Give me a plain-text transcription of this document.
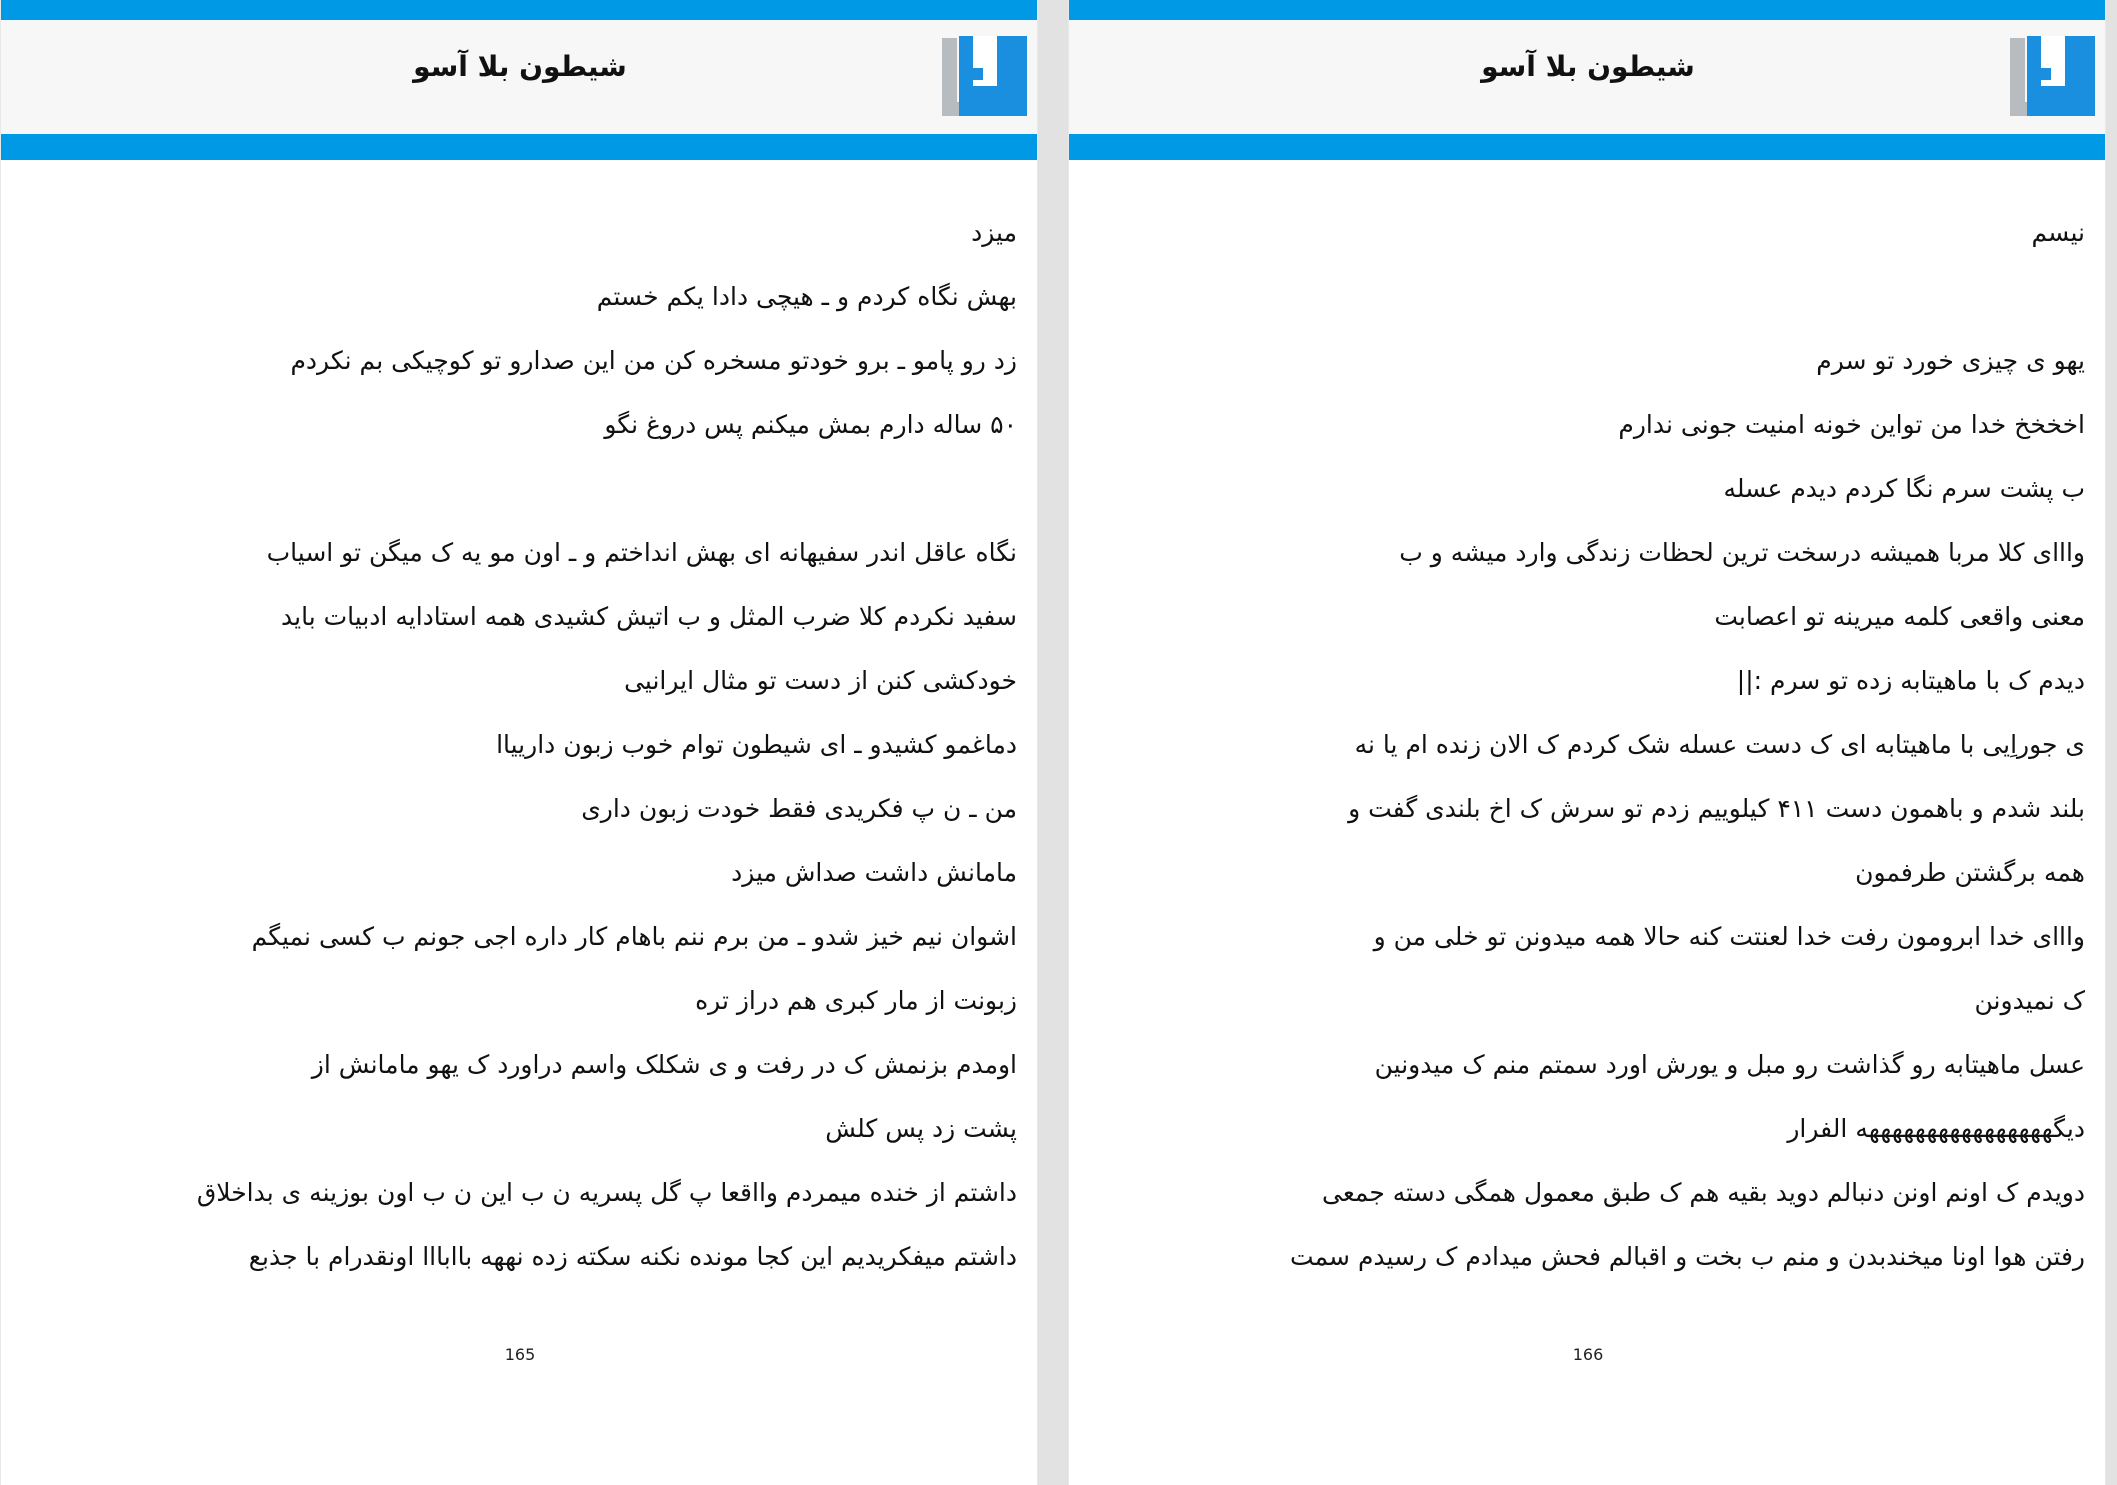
شیطون بلا آسو
میزد
بهش نگاه کردم و ـ هیچی دادا یکم خستم
زد رو پامو ـ برو خودتو مسخره کن من این صدارو تو کوچیکی بم نکردم
۵۰ ساله دارم بمش میکنم پس دروغ نگو
نگاه عاقل اندر سفیهانه ای بهش انداختم و ـ اون مو یه ک میگن تو اسیاب
سفید نکردم کلا ضرب المثل و ب اتیش کشیدی همه استادایه ادبیات باید
خودکشی کنن از دست تو مثال ایرانیی
دماغمو کشیدو ـ ای شیطون توام خوب زبون دارییاا
من ـ ن پ فکریدی فقط خودت زبون داری
مامانش داشت صداش میزد
اشوان نیم خیز شدو ـ من برم ننم باهام کار داره اجی جونم ب کسی نمیگم
زبونت از مار کبری هم دراز تره
اومدم بزنمش ک در رفت و ی شکلک واسم دراورد ک یهو مامانش از
پشت زد پس کلش
داشتم از خنده میمردم وااقعا پ گل پسریه ن ب این ن ب اون بوزینه ی بداخلاق
داشتم میفکریدیم این کجا مونده نکنه سکته زده نههه باابااا اونقدرام با جذبع
165
شیطون بلا آسو
نیسم
یهو ی چیزی خورد تو سرم
اخخخخ خدا من تواین خونه امنیت جونی ندارم
ب پشت سرم نگا کردم دیدم عسله
وااای کلا مربا همیشه درسخت ترین لحظات زندگی وارد میشه و ب
معنی واقعی کلمه میرینه تو اعصابت
دیدم ک با ماهیتابه زده تو سرم :||
ی جوراِیی با ماهیتابه ای ک دست عسله شک کردم ک الان زنده ام یا نه
بلند شدم و باهمون دست ۴۱۱ کیلوییم زدم تو سرش ک اخ بلندی گفت و
همه برگشتن طرفمون
وااای خدا ابرومون رفت خدا لعنتت کنه حالا همه میدونن تو خلی من و
ک نمیدونن
عسل ماهیتابه رو گذاشت رو مبل و یورش اورد سمتم منم ک میدونین
دیگههههههههههههههههه الفرار
دویدم ک اونم اونن دنبالم دوید بقیه هم ک طبق معمول همگی دسته جمعی
رفتن هوا اونا میخندبدن و منم ب بخت و اقبالم فحش میدادم ک رسیدم سمت
166
